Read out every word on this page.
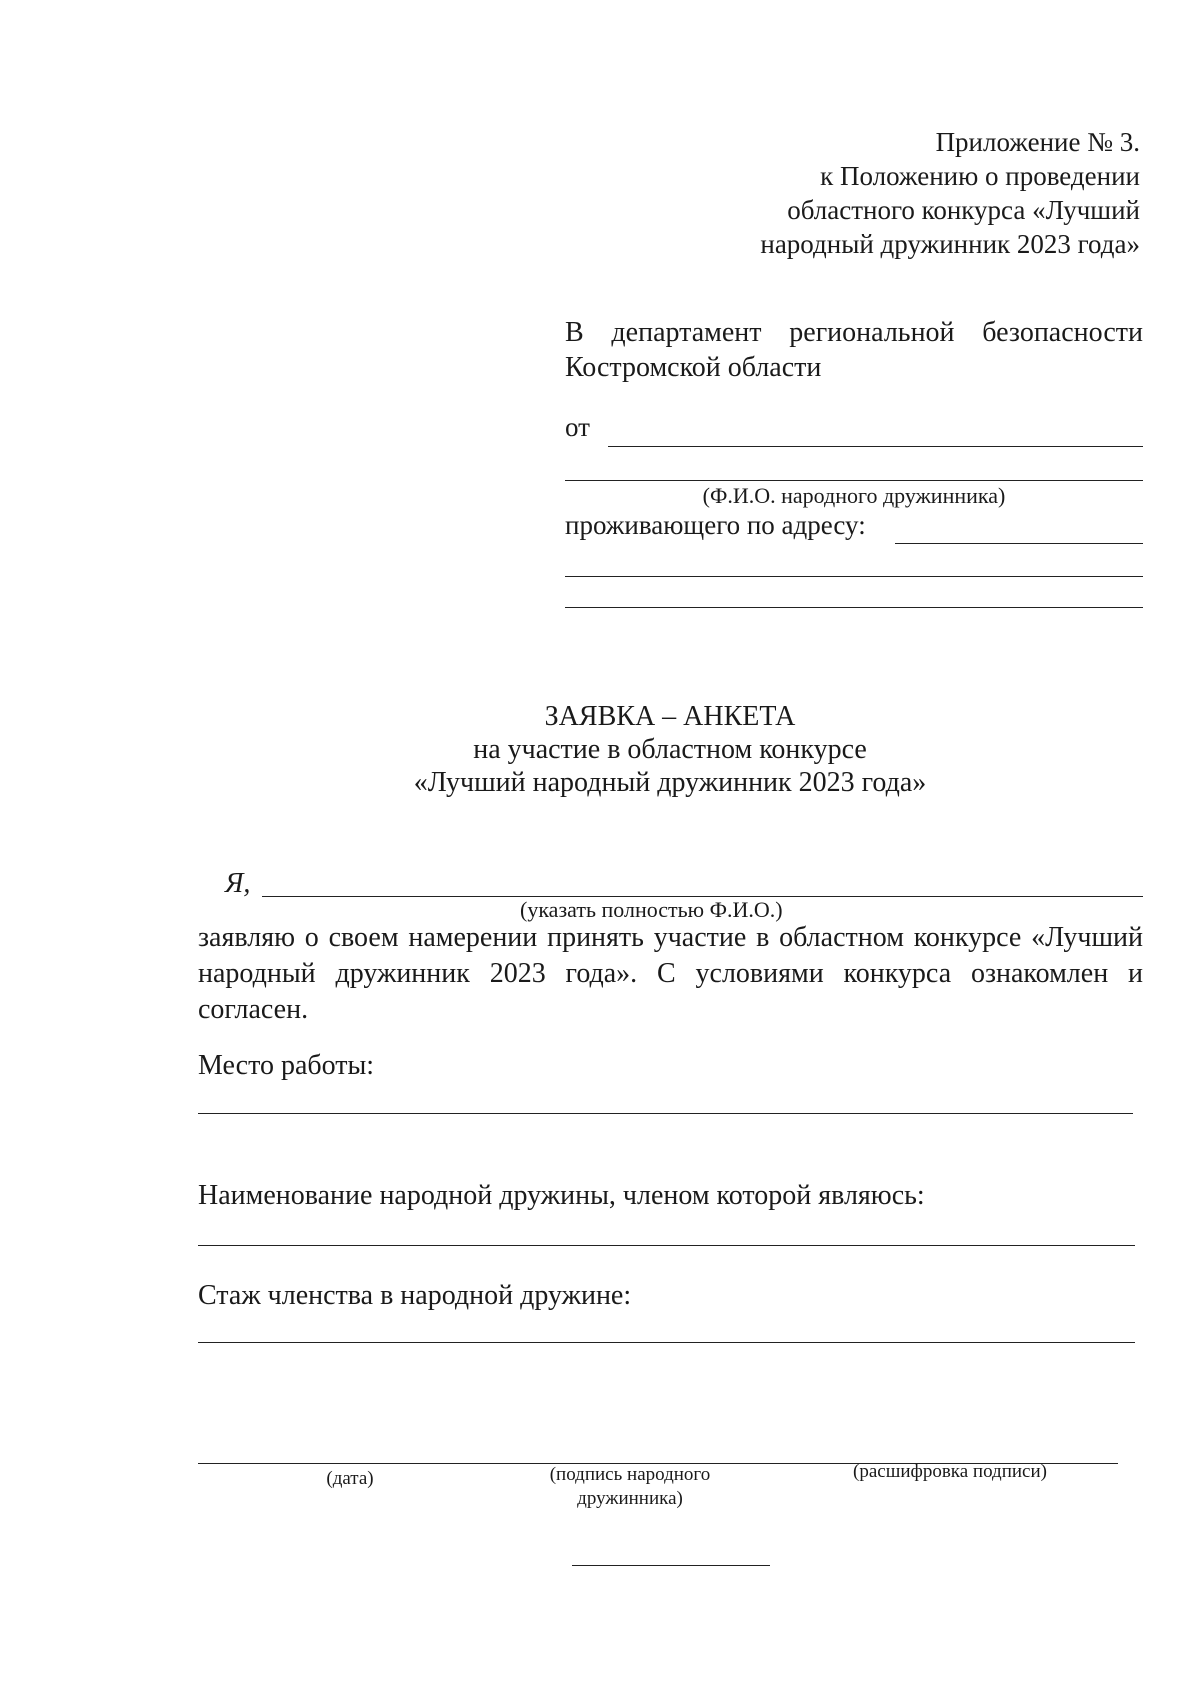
Приложение № 3.
к Положению о проведении
областного конкурса «Лучший
народный дружинник 2023 года»
В департамент региональной безопасности
Костромской области
от
(Ф.И.О. народного дружинника)
проживающего по адресу:
ЗАЯВКА – АНКЕТА
на участие в областном конкурсе
«Лучший народный дружинник 2023 года»
Я,
(указать полностью Ф.И.О.)
заявляю о своем намерении принять участие в областном конкурсе «Лучший народный дружинник 2023 года». С условиями конкурса ознакомлен и согласен.
Место работы:
Наименование народной дружины, членом которой являюсь:
Стаж членства в народной дружине:
(дата)	(подпись народного дружинника)
(расшифровка подписи)
